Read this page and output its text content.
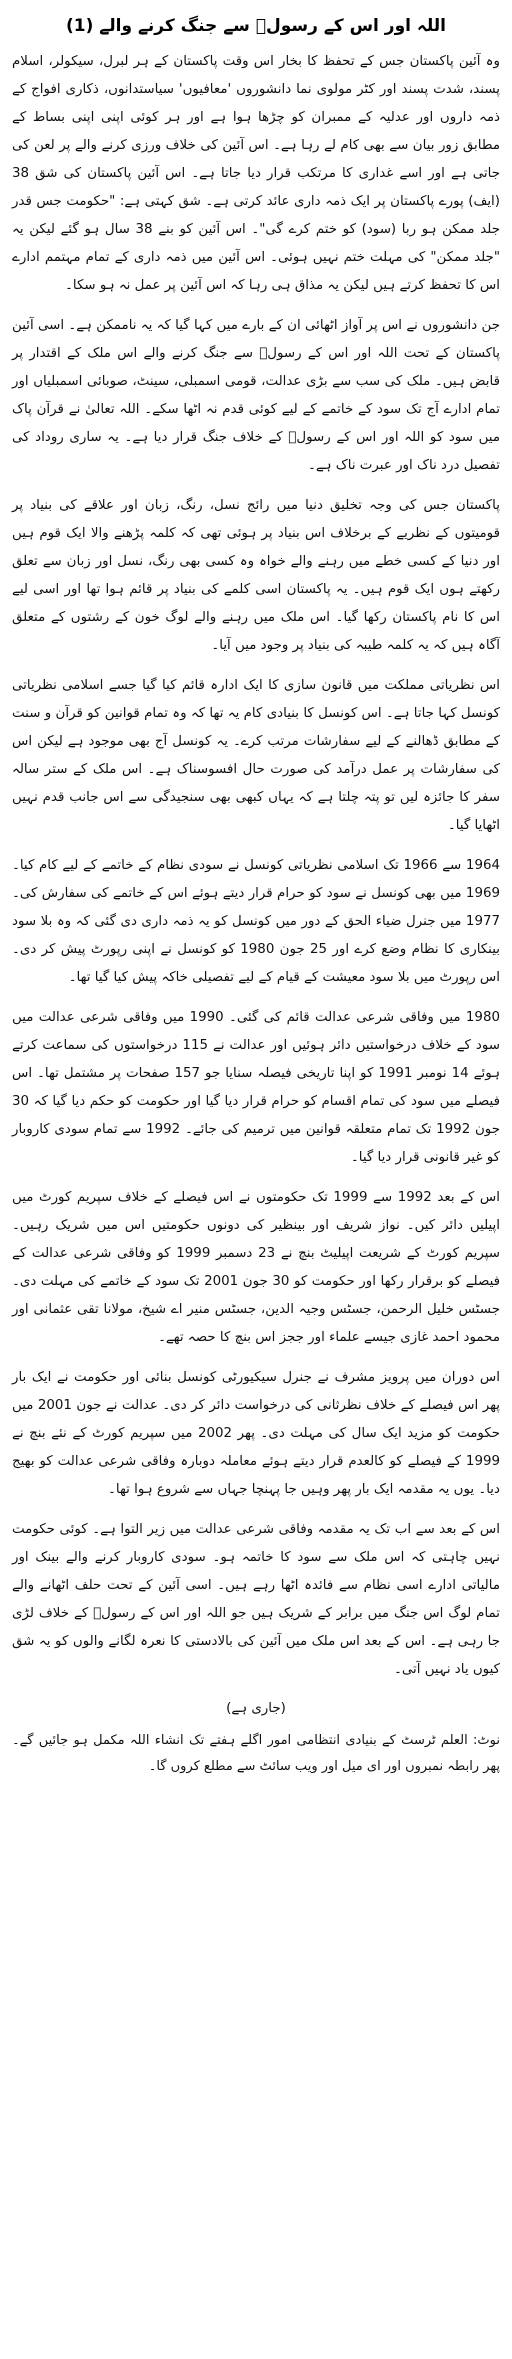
اللہ اور اس کے رسولؐ سے جنگ کرنے والے (1)

وہ آئین پاکستان جس کے تحفظ کا بخار اس وقت پاکستان کے ہر لبرل، سیکولر، اسلام پسند، شدت پسند اور کٹر مولوی نما دانشوروں 'معافیوں' سیاستدانوں، ذکاری افواج کے ذمہ داروں اور عدلیہ کے ممبران کو چڑھا ہوا ہے اور ہر کوئی اپنی اپنی بساط کے مطابق زور بیان سے بھی کام لے رہا ہے۔ اس آئین کی خلاف ورزی کرنے والے پر لعن کی جاتی ہے اور اسے غداری کا مرتکب قرار دیا جاتا ہے۔ اس آئین پاکستان کی شق 38 (ایف) پورے پاکستان پر ایک ذمہ داری عائد کرتی ہے۔ شق کہتی ہے: "حکومت جس قدر جلد ممکن ہو ربا (سود) کو ختم کرے گی"۔ اس آئین کو بنے 38 سال ہو گئے لیکن یہ "جلد ممکن" کی مہلت ختم نہیں ہوئی۔ اس آئین میں ذمہ داری کے تمام مہتمم ادارے اس کا تحفظ کرتے ہیں لیکن یہ مذاق ہی رہا کہ اس آئین پر عمل نہ ہو سکا۔

جن دانشوروں نے اس پر آواز اٹھائی ان کے بارے میں کہا گیا کہ یہ ناممکن ہے۔ اسی آئین پاکستان کے تحت اللہ اور اس کے رسولؐ سے جنگ کرنے والے اس ملک کے اقتدار پر قابض ہیں۔ ملک کی سب سے بڑی عدالت، قومی اسمبلی، سینٹ، صوبائی اسمبلیاں اور تمام ادارے آج تک سود کے خاتمے کے لیے کوئی قدم نہ اٹھا سکے۔ اللہ تعالیٰ نے قرآن پاک میں سود کو اللہ اور اس کے رسولؐ کے خلاف جنگ قرار دیا ہے۔ یہ ساری روداد کی تفصیل درد ناک اور عبرت ناک ہے۔

پاکستان جس کی وجہ تخلیق دنیا میں رائج نسل، رنگ، زبان اور علاقے کی بنیاد پر قومیتوں کے نظریے کے برخلاف اس بنیاد پر ہوئی تھی کہ کلمہ پڑھنے والا ایک قوم ہیں اور دنیا کے کسی خطے میں رہنے والے خواہ وہ کسی بھی رنگ، نسل اور زبان سے تعلق رکھتے ہوں ایک قوم ہیں۔ یہ پاکستان اسی کلمے کی بنیاد پر قائم ہوا تھا اور اسی لیے اس کا نام پاکستان رکھا گیا۔ اس ملک میں رہنے والے لوگ خون کے رشتوں کے متعلق آگاہ ہیں کہ یہ کلمہ طیبہ کی بنیاد پر وجود میں آیا۔

اس نظریاتی مملکت میں قانون سازی کا ایک ادارہ قائم کیا گیا جسے اسلامی نظریاتی کونسل کہا جاتا ہے۔ اس کونسل کا بنیادی کام یہ تھا کہ وہ تمام قوانین کو قرآن و سنت کے مطابق ڈھالنے کے لیے سفارشات مرتب کرے۔ یہ کونسل آج بھی موجود ہے لیکن اس کی سفارشات پر عمل درآمد کی صورت حال افسوسناک ہے۔ اس ملک کے ستر سالہ سفر کا جائزہ لیں تو پتہ چلتا ہے کہ یہاں کبھی بھی سنجیدگی سے اس جانب قدم نہیں اٹھایا گیا۔

1964 سے 1966 تک اسلامی نظریاتی کونسل نے سودی نظام کے خاتمے کے لیے کام کیا۔ 1969 میں بھی کونسل نے سود کو حرام قرار دیتے ہوئے اس کے خاتمے کی سفارش کی۔ 1977 میں جنرل ضیاء الحق کے دور میں کونسل کو یہ ذمہ داری دی گئی کہ وہ بلا سود بینکاری کا نظام وضع کرے اور 25 جون 1980 کو کونسل نے اپنی رپورٹ پیش کر دی۔ اس رپورٹ میں بلا سود معیشت کے قیام کے لیے تفصیلی خاکہ پیش کیا گیا تھا۔

1980 میں وفاقی شرعی عدالت قائم کی گئی۔ 1990 میں وفاقی شرعی عدالت میں سود کے خلاف درخواستیں دائر ہوئیں اور عدالت نے 115 درخواستوں کی سماعت کرتے ہوئے 14 نومبر 1991 کو اپنا تاریخی فیصلہ سنایا جو 157 صفحات پر مشتمل تھا۔ اس فیصلے میں سود کی تمام اقسام کو حرام قرار دیا گیا اور حکومت کو حکم دیا گیا کہ 30 جون 1992 تک تمام متعلقہ قوانین میں ترمیم کی جائے۔ 1992 سے تمام سودی کاروبار کو غیر قانونی قرار دیا گیا۔

اس کے بعد 1992 سے 1999 تک حکومتوں نے اس فیصلے کے خلاف سپریم کورٹ میں اپیلیں دائر کیں۔ نواز شریف اور بینظیر کی دونوں حکومتیں اس میں شریک رہیں۔ سپریم کورٹ کے شریعت اپیلیٹ بنچ نے 23 دسمبر 1999 کو وفاقی شرعی عدالت کے فیصلے کو برقرار رکھا اور حکومت کو 30 جون 2001 تک سود کے خاتمے کی مہلت دی۔ جسٹس خلیل الرحمن، جسٹس وجیہ الدین، جسٹس منیر اے شیخ، مولانا تقی عثمانی اور محمود احمد غازی جیسے علماء اور ججز اس بنچ کا حصہ تھے۔

اس دوران میں پرویز مشرف نے جنرل سیکیورٹی کونسل بنائی اور حکومت نے ایک بار پھر اس فیصلے کے خلاف نظرثانی کی درخواست دائر کر دی۔ عدالت نے جون 2001 میں حکومت کو مزید ایک سال کی مہلت دی۔ پھر 2002 میں سپریم کورٹ کے نئے بنچ نے 1999 کے فیصلے کو کالعدم قرار دیتے ہوئے معاملہ دوبارہ وفاقی شرعی عدالت کو بھیج دیا۔ یوں یہ مقدمہ ایک بار پھر وہیں جا پہنچا جہاں سے شروع ہوا تھا۔

اس کے بعد سے اب تک یہ مقدمہ وفاقی شرعی عدالت میں زیر التوا ہے۔ کوئی حکومت نہیں چاہتی کہ اس ملک سے سود کا خاتمہ ہو۔ سودی کاروبار کرنے والے بینک اور مالیاتی ادارے اسی نظام سے فائدہ اٹھا رہے ہیں۔ اسی آئین کے تحت حلف اٹھانے والے تمام لوگ اس جنگ میں برابر کے شریک ہیں جو اللہ اور اس کے رسولؐ کے خلاف لڑی جا رہی ہے۔ اس کے بعد اس ملک میں آئین کی بالادستی کا نعرہ لگانے والوں کو یہ شق کیوں یاد نہیں آتی۔

(جاری ہے)

نوٹ: العلم ٹرسٹ کے بنیادی انتظامی امور اگلے ہفتے تک انشاء اللہ مکمل ہو جائیں گے۔ پھر رابطہ نمبروں اور ای میل اور ویب سائٹ سے مطلع کروں گا۔
